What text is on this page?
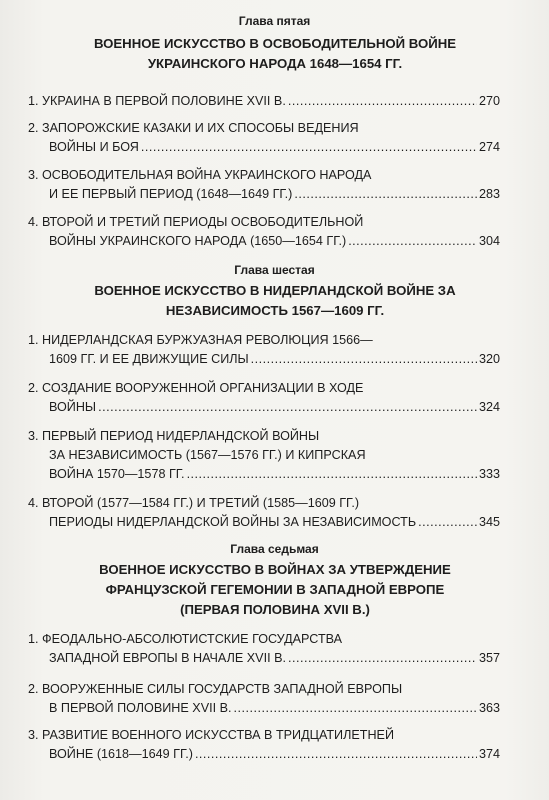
Глава пятая
ВОЕННОЕ ИСКУССТВО В ОСВОБОДИТЕЛЬНОЙ ВОЙНЕ
УКРАИНСКОГО НАРОДА 1648—1654 ГГ.
1. УКРАИНА В ПЕРВОЙ ПОЛОВИНЕ XVII В. .....	270
2. ЗАПОРОЖСКИЕ КАЗАКИ И ИХ СПОСОБЫ ВЕДЕНИЯ
ВОЙНЫ И БОЯ .....	274
3. ОСВОБОДИТЕЛЬНАЯ ВОЙНА УКРАИНСКОГО НАРОДА
И ЕЕ ПЕРВЫЙ ПЕРИОД (1648—1649 ГГ.) .....	283
4. ВТОРОЙ И ТРЕТИЙ ПЕРИОДЫ ОСВОБОДИТЕЛЬНОЙ
ВОЙНЫ УКРАИНСКОГО НАРОДА (1650—1654 ГГ.) .....	304
Глава шестая
ВОЕННОЕ ИСКУССТВО В НИДЕРЛАНДСКОЙ ВОЙНЕ ЗА
НЕЗАВИСИМОСТЬ 1567—1609 ГГ.
1. НИДЕРЛАНДСКАЯ БУРЖУАЗНАЯ РЕВОЛЮЦИЯ 1566—
1609 ГГ. И ЕЕ ДВИЖУЩИЕ СИЛЫ .....	320
2. СОЗДАНИЕ ВООРУЖЕННОЙ ОРГАНИЗАЦИИ В ХОДЕ
ВОЙНЫ .....	324
3. ПЕРВЫЙ ПЕРИОД НИДЕРЛАНДСКОЙ ВОЙНЫ
ЗА НЕЗАВИСИМОСТЬ (1567—1576 ГГ.) И КИПРСКАЯ
ВОЙНА 1570—1578 ГГ. .....	333
4. ВТОРОЙ (1577—1584 ГГ.) И ТРЕТИЙ (1585—1609 ГГ.)
ПЕРИОДЫ НИДЕРЛАНДСКОЙ ВОЙНЫ ЗА НЕЗАВИСИМОСТЬ .....	345
Глава седьмая
ВОЕННОЕ ИСКУССТВО В ВОЙНАХ ЗА УТВЕРЖДЕНИЕ
ФРАНЦУЗСКОЙ ГЕГЕМОНИИ В ЗАПАДНОЙ ЕВРОПЕ
(ПЕРВАЯ ПОЛОВИНА XVII В.)
1. ФЕОДАЛЬНО-АБСОЛЮТИСТСКИЕ ГОСУДАРСТВА
ЗАПАДНОЙ ЕВРОПЫ В НАЧАЛЕ XVII В. .....	357
2. ВООРУЖЕННЫЕ СИЛЫ ГОСУДАРСТВ ЗАПАДНОЙ ЕВРОПЫ
В ПЕРВОЙ ПОЛОВИНЕ XVII В. .....	363
3. РАЗВИТИЕ ВОЕННОГО ИСКУССТВА В ТРИДЦАТИЛЕТНЕЙ
ВОЙНЕ (1618—1649 ГГ.) .....	374
